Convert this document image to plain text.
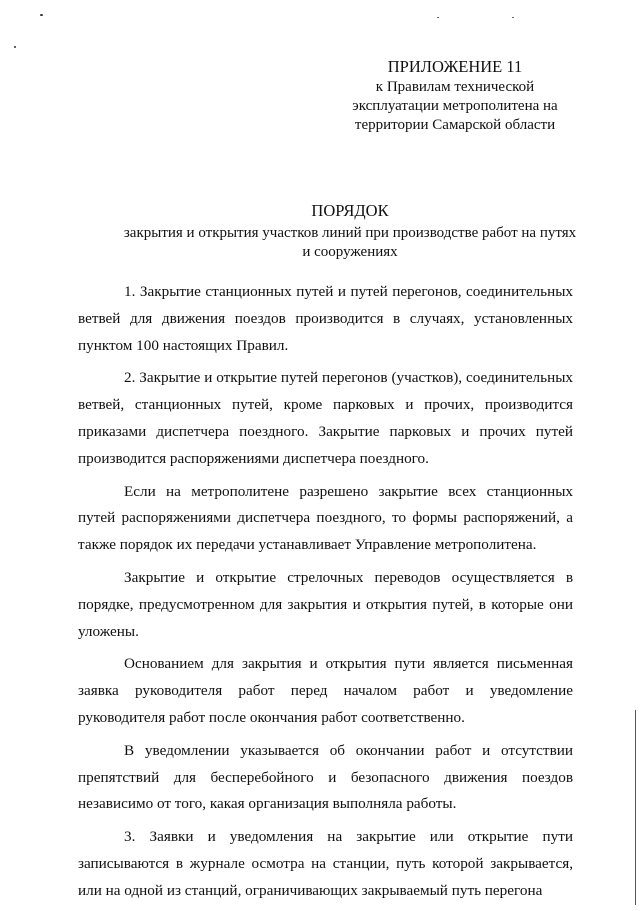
ПРИЛОЖЕНИЕ 11
к Правилам технической
эксплуатации метрополитена на
территории Самарской области
ПОРЯДОК
закрытия и открытия участков линий при производстве работ на путях
и сооружениях

1. Закрытие станционных путей и путей перегонов, соединительных ветвей для движения поездов производится в случаях, установленных пунктом 100 настоящих Правил.

2. Закрытие и открытие путей перегонов (участков), соединительных ветвей, станционных путей, кроме парковых и прочих, производится приказами диспетчера поездного. Закрытие парковых и прочих путей производится распоряжениями диспетчера поездного.

Если на метрополитене разрешено закрытие всех станционных путей распоряжениями диспетчера поездного, то формы распоряжений, а также порядок их передачи устанавливает Управление метрополитена.

Закрытие и открытие стрелочных переводов осуществляется в порядке, предусмотренном для закрытия и открытия путей, в которые они уложены.

Основанием для закрытия и открытия пути является письменная заявка руководителя работ перед началом работ и уведомление руководителя работ после окончания работ соответственно.

В уведомлении указывается об окончании работ и отсутствии препятствий для бесперебойного и безопасного движения поездов независимо от того, какая организация выполняла работы.

3. Заявки и уведомления на закрытие или открытие пути записываются в журнале осмотра на станции, путь которой закрывается, или на одной из станций, ограничивающих закрываемый путь перегона
